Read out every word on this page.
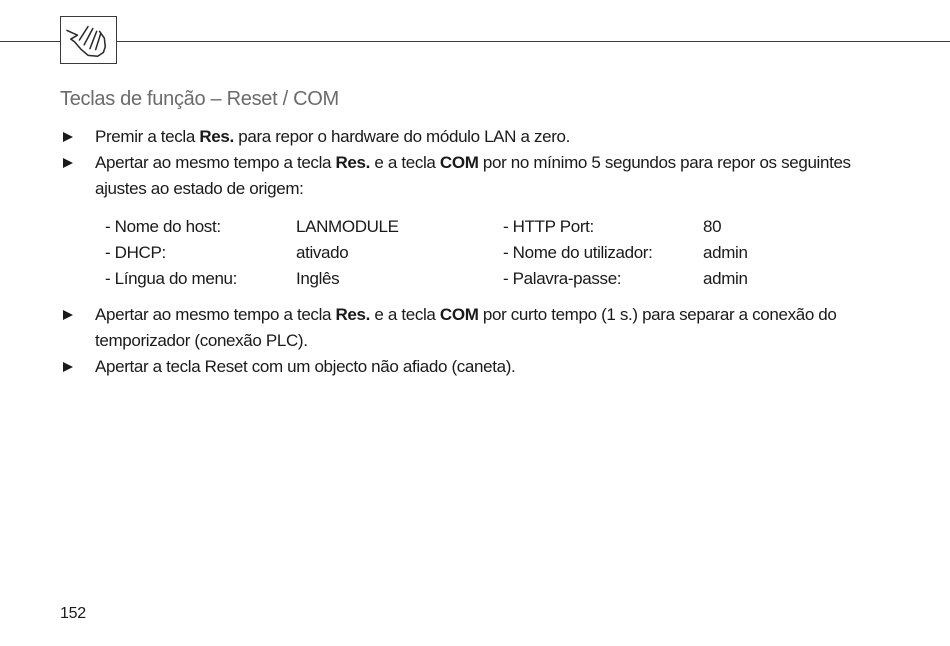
Teclas de função – Reset / COM
Premir a tecla Res. para repor o hardware do módulo LAN a zero.
Apertar ao mesmo tempo a tecla Res. e a tecla COM por no mínimo 5 segundos para repor os seguintes ajustes ao estado de origem:
- Nome do host:	LANMODULE	- HTTP Port:	80
- DHCP:	ativado	- Nome do utilizador:	admin
- Língua do menu:	Inglês	- Palavra-passe:	admin
Apertar ao mesmo tempo a tecla Res. e a tecla COM por curto tempo (1 s.) para separar a conexão do temporizador (conexão PLC).
Apertar a tecla Reset com um objecto não afiado (caneta).
152
